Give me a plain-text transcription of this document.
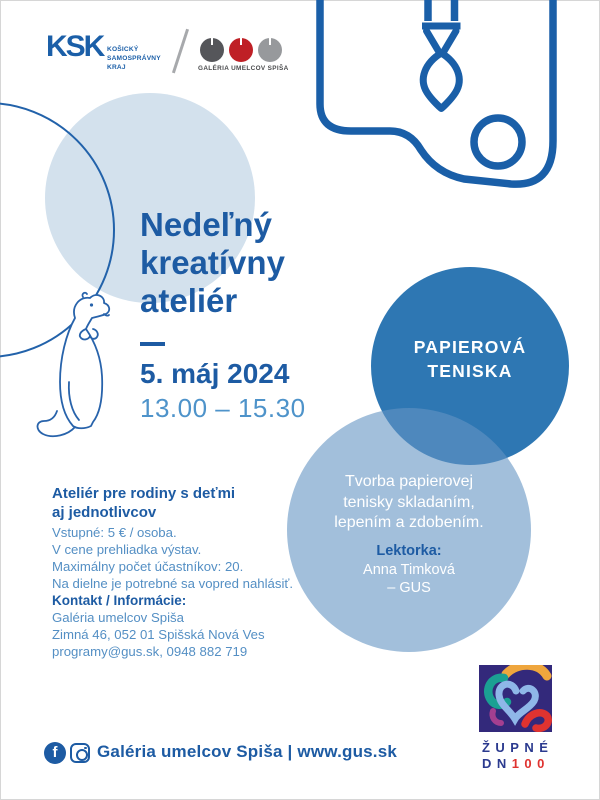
KSK KOŠICKÝ
SAMOSPRÁVNY
KRAJ	GALÉRIA UMELCOV SPIŠA
Nedeľný
kreatívny
ateliér
5. máj 2024
13.00 – 15.30
PAPIEROVÁ
TENISKA
Tvorba papierovej
tenisky skladaním,
lepením a zdobením.
Lektorka:
Anna Timková
– GUS
Ateliér pre rodiny s deťmi
aj jednotlivcov
Vstupné: 5 € / osoba.
V cene prehliadka výstav.
Maximálny počet účastníkov: 20.
Na dielne je potrebné sa vopred nahlásiť.
Kontakt / Informácie:
Galéria umelcov Spiša
Zimná 46, 052 01 Spišská Nová Ves
programy@gus.sk, 0948 882 719
ŽUPNÉ
DN100
f	Galéria umelcov Spiša | www.gus.sk
